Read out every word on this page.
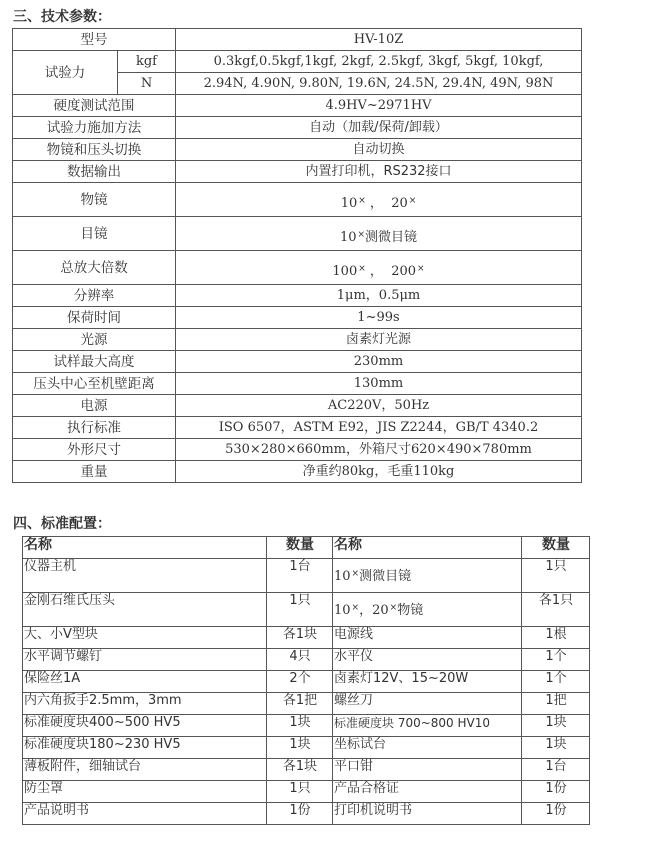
三、技术参数：
型号		HV-10Z
试验力	kgf	0.3kgf,0.5kgf,1kgf, 2kgf, 2.5kgf, 3kgf, 5kgf, 10kgf,
	N	2.94N, 4.90N, 9.80N, 19.6N, 24.5N, 29.4N, 49N, 98N
硬度测试范围		4.9HV~2971HV
试验力施加方法		自动（加载/保荷/卸载）
物镜和压头切换		自动切换
数据输出		内置打印机，RS232接口
物镜		10× ， 20×
目镜		10×测微目镜
总放大倍数		100× ， 200×
分辨率		1μm，0.5μm
保荷时间		1~99s
光源		卤素灯光源
试样最大高度		230mm
压头中心至机壁距离		130mm
电源		AC220V，50Hz
执行标准		ISO 6507，ASTM E92，JIS Z2244，GB/T 4340.2
外形尺寸		530×280×660mm，外箱尺寸620×490×780mm
重量		净重约80kg，毛重110kg
四、标准配置：
名称	数量	名称	数量
仪器主机	1台	10×测微目镜	1只
金刚石维氏压头	1只	10×，20×物镜	各1只
大、小V型块	各1块	电源线	1根
水平调节螺钉	4只	水平仪	1个
保险丝1A	2个	卤素灯12V、15~20W	1个
内六角扳手2.5mm，3mm	各1把	螺丝刀	1把
标准硬度块400~500 HV5	1块	标准硬度块 700~800 HV10	1块
标准硬度块180~230 HV5	1块	坐标试台	1块
薄板附件，细轴试台	各1块	平口钳	1台
防尘罩	1只	产品合格证	1份
产品说明书	1份	打印机说明书	1份
